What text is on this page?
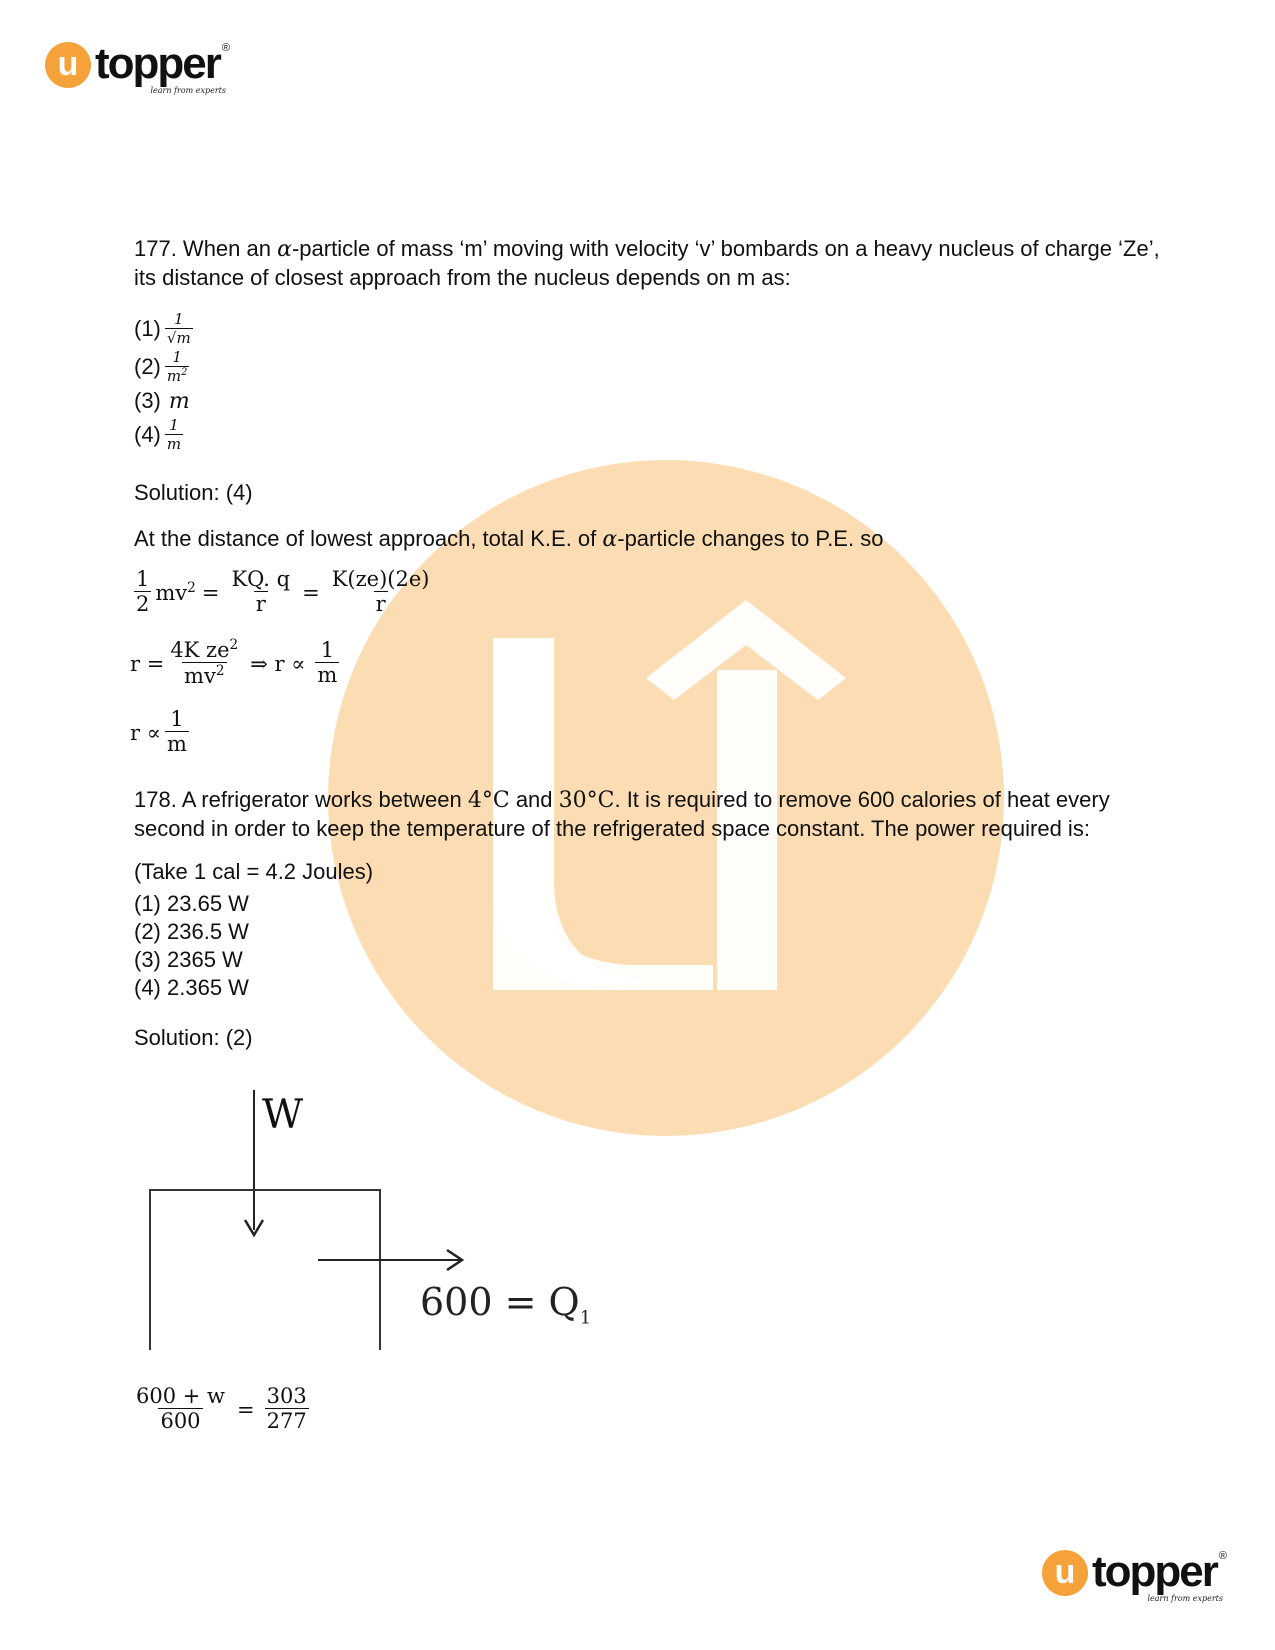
u topper ®
learn from experts
177. When an α-particle of mass ‘m’ moving with velocity ‘v’ bombards on a heavy nucleus of charge ‘Ze’,
its distance of closest approach from the nucleus depends on m as:
$(1) \frac{1}{√m}$
$(2) \frac{1}{m^2}$
(3) m
$(4) \frac{1}{m}$
Solution: (4)
At the distance of lowest approach, total K.E. of α-particle changes to P.E. so
$\frac{1}{2} mv^2 = \frac{KQ. q}{r} = \frac{K(ze)(2e)}{r}$
$r = \frac{4K ze^2}{mv^2}$ ⇒ $r \propto \frac{1}{m}$
$r \propto \frac{1}{m}$
178. A refrigerator works between 4°C and 30°C. It is required to remove 600 calories of heat every
second in order to keep the temperature of the refrigerated space constant. The power required is:
(Take 1 cal = 4.2 Joules)
(1) 23.65 W
(2) 236.5 W
(3) 2365 W
(4) 2.365 W
Solution: (2)
W
$600 = Q_1$
$\frac{600 + w}{600} = \frac{303}{277}$
u topper ®
learn from experts
